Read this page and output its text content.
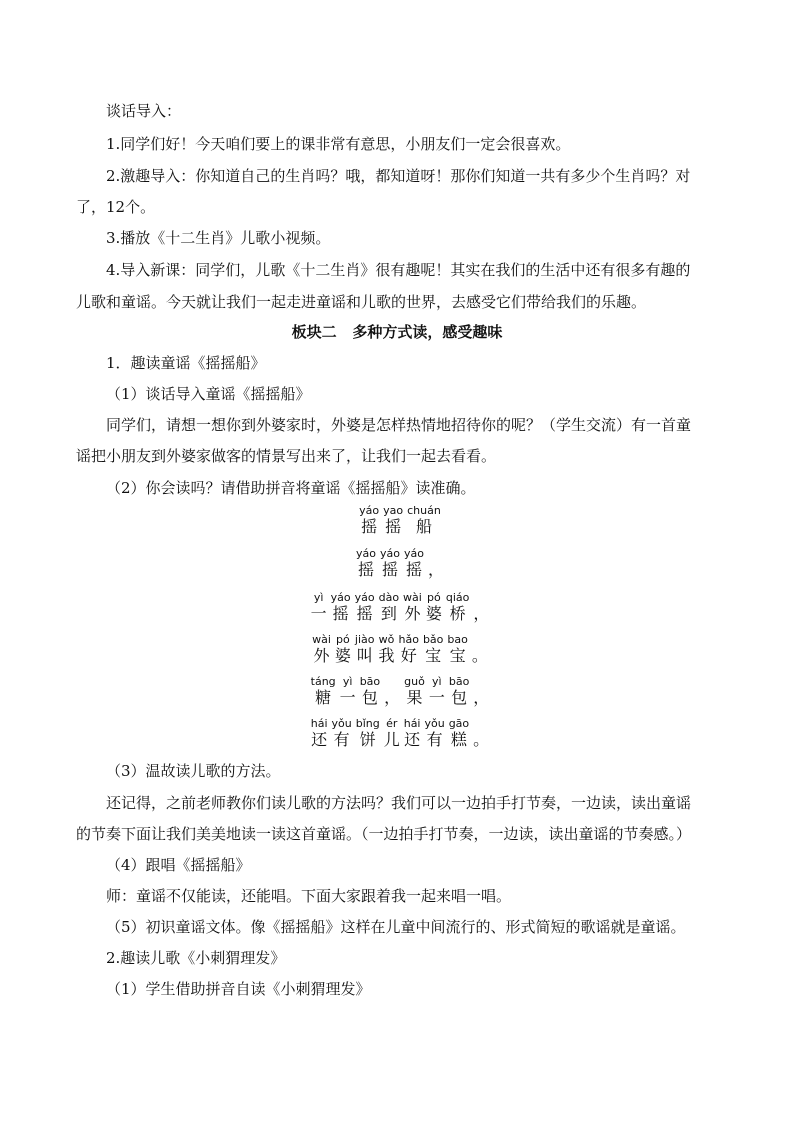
谈话导入：
1.同学们好！今天咱们要上的课非常有意思，小朋友们一定会很喜欢。
2.激趣导入：你知道自己的生肖吗？哦，都知道呀！那你们知道一共有多少个生肖吗？对
了，12个。
3.播放《十二生肖》儿歌小视频。
4.导入新课：同学们，儿歌《十二生肖》很有趣呢！其实在我们的生活中还有很多有趣的
儿歌和童谣。今天就让我们一起走进童谣和儿歌的世界，去感受它们带给我们的乐趣。
板块二   多种方式读，感受趣味
1．趣读童谣《摇摇船》
（1）谈话导入童谣《摇摇船》
同学们，请想一想你到外婆家时，外婆是怎样热情地招待你的呢？（学生交流）有一首童
谣把小朋友到外婆家做客的情景写出来了，让我们一起去看看。
（2）你会读吗？请借助拼音将童谣《摇摇船》读准确。
摇yáo摇yao船chuán
摇yáo摇yáo摇yáo，
一yì摇yáo摇yáo到dào外wài婆pó桥qiáo，
外wài婆pó叫jiào我wǒ好hǎo宝bǎo宝bao。
糖táng一yì包bāo， 果guǒ一yì包bāo，
还hái有yǒu饼bǐng儿ér还hái有yǒu糕gāo。
（3）温故读儿歌的方法。
还记得，之前老师教你们读儿歌的方法吗？我们可以一边拍手打节奏，一边读，读出童谣
的节奏下面让我们美美地读一读这首童谣。（一边拍手打节奏，一边读，读出童谣的节奏感。）
（4）跟唱《摇摇船》
师：童谣不仅能读，还能唱。下面大家跟着我一起来唱一唱。
（5）初识童谣文体。像《摇摇船》这样在儿童中间流行的、形式简短的歌谣就是童谣。
2.趣读儿歌《小刺猬理发》
（1）学生借助拼音自读《小刺猬理发》
